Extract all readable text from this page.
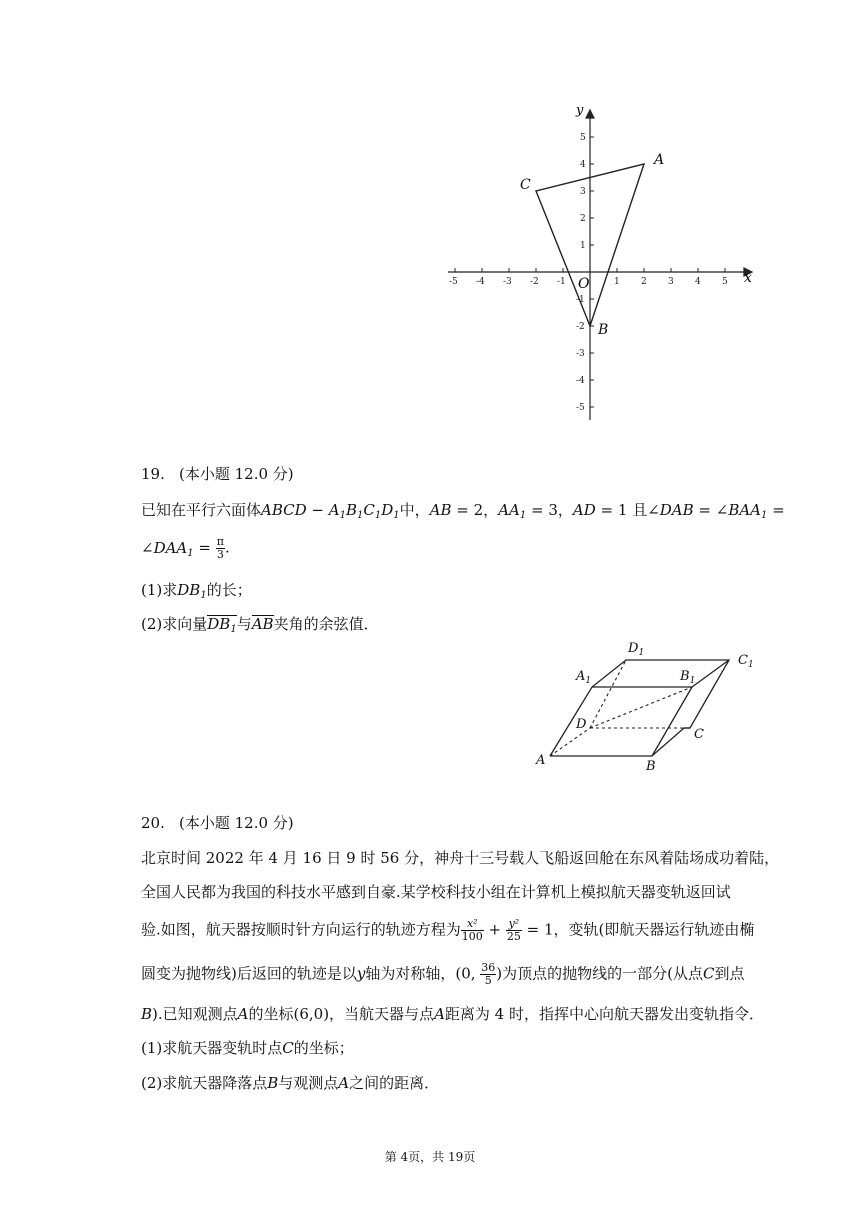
-5 -4 -3 -2 -1	1 2 3 4 5
5
4
3
2
1
-1
-2
-3
-4
-5
A
B
C
y
x
O
19. (本小题 12.0 分)
已知在平行六面体ABCD − $A_1B_1C_1D_1$中，AB = 2，$AA_1 = 3$，AD = 1 且∠DAB = $\angle BAA_1$ =
$\angle DAA_1 = \frac{\pi}{3}$ .
(1)求$DB_1$的长；
(2)求向量$DB_1$与AB夹角的余弦值．
$D_1$	$C_1$
$A_1$	$B_1$
D
C
A	B
20. (本小题 12.0 分)
北京时间 2022 年 4 月 16 日 9 时 56 分，神舟十三号载人飞船返回舱在东风着陆场成功着陆，
全国人民都为我国的科技水平感到自豪.某学校科技小组在计算机上模拟航天器变轨返回试
验.如图，航天器按顺时针方向运行的轨迹方程为 $\frac{\text{x²}}{100} + \frac{\text{y²}}{25} = 1$，变轨(即航天器运行轨迹由椭
圆变为抛物线)后返回的轨迹是以y轴为对称轴，(0, $\frac{36}{5}$ )为顶点的抛物线的一部分(从点C到点
B).已知观测点A的坐标(6,0)，当航天器与点A距离为 4 时，指挥中心向航天器发出变轨指令．
(1)求航天器变轨时点C的坐标；
(2)求航天器降落点B与观测点A之间的距离．
第 4页，共 19页
